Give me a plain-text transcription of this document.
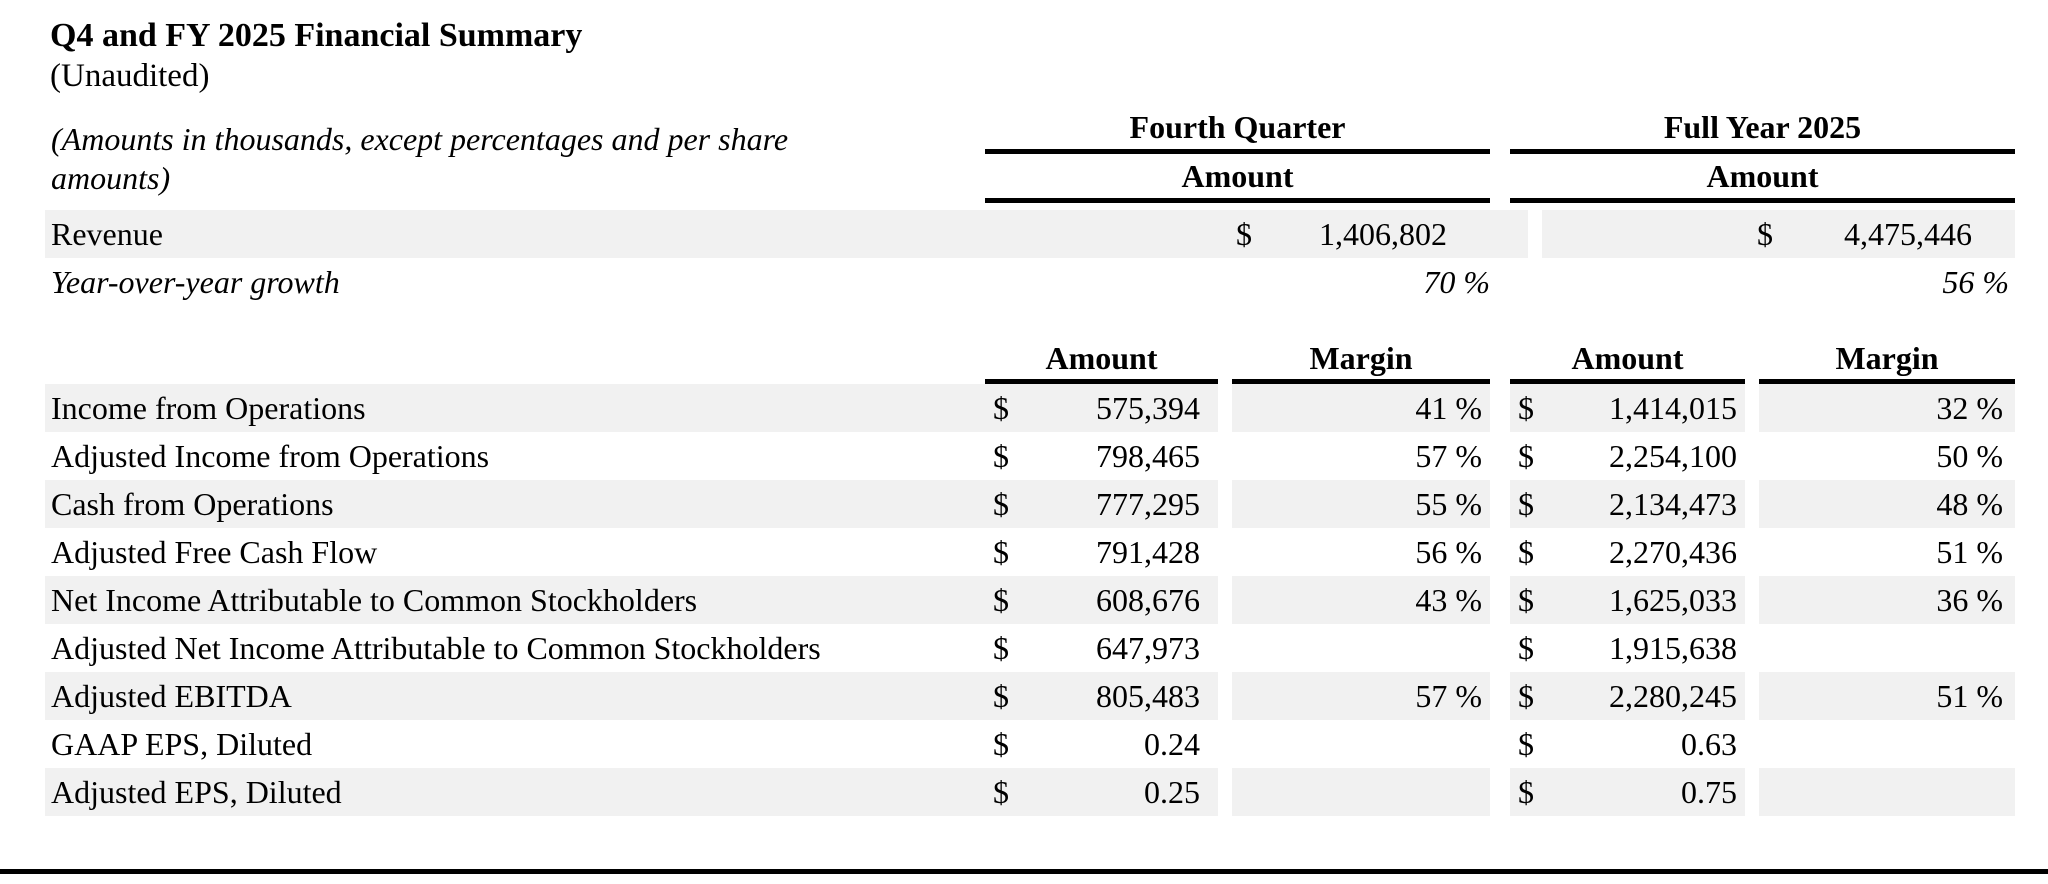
Q4 and FY 2025 Financial Summary
(Unaudited)
(Amounts in thousands, except percentages and per share
amounts)
Fourth Quarter
Amount
Full Year 2025
Amount
Revenue	$	1,406,802	$	4,475,446
Year-over-year growth	70 %	56 %
Amount	Margin	Amount	Margin
Income from Operations	$	575,394	41 % $	1,414,015	32 %
Adjusted Income from Operations	$	798,465	57 % $	2,254,100	50 %
Cash from Operations	$	777,295	55 % $	2,134,473	48 %
Adjusted Free Cash Flow	$	791,428	56 % $	2,270,436	51 %
Net Income Attributable to Common Stockholders	$	608,676	43 % $	1,625,033	36 %
Adjusted Net Income Attributable to Common Stockholders	$	647,973	$	1,915,638
Adjusted EBITDA	$	805,483	57 % $	2,280,245	51 %
GAAP EPS, Diluted	$	0.24	$	0.63
Adjusted EPS, Diluted	$	0.25	$	0.75
